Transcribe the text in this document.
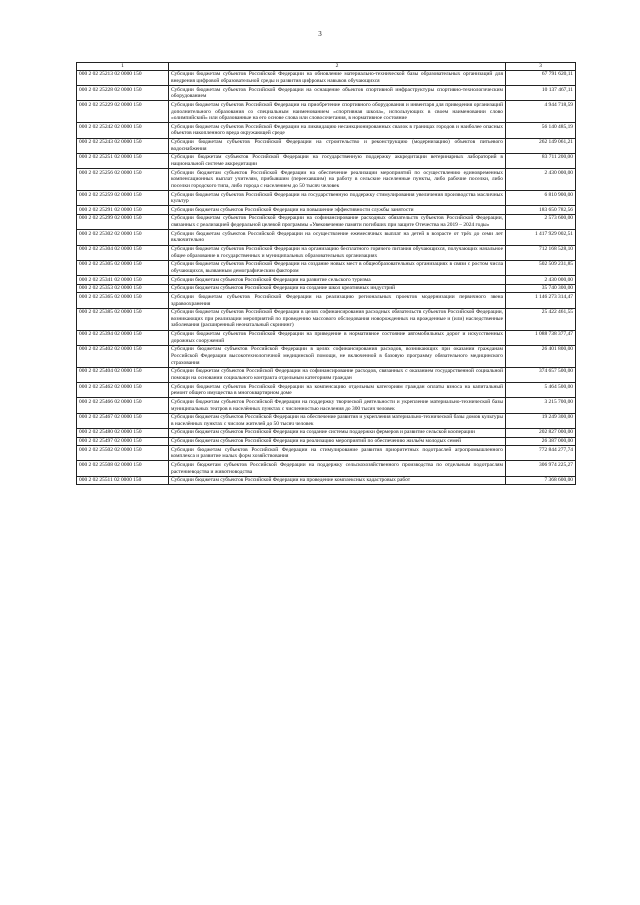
3
1	2	3
000 2 02 25213 02 0000 150	Субсидии бюджетам субъектов Российской Федерации на обновление материально-технической базы образовательных организаций для внедрения цифровой образовательной среды и развития цифровых навыков обучающихся	67 791 620,11
000 2 02 25228 02 0000 150	Субсидии бюджетам субъектов Российской Федерации на оснащение объектов спортивной инфраструктуры спортивно-технологическим оборудованием	10 137 467,11
000 2 02 25229 02 0000 150	Субсидии бюджетам субъектов Российской Федерации на приобретение спортивного оборудования и инвентаря для приведения организаций дополнительного образования со специальным наименованием «спортивная школа», использующих в своем наименовании слово «олимпийский» или образованные на его основе слова или словосочетания, в нормативное состояние	4 944 718,59
000 2 02 25242 02 0000 150	Субсидии бюджетам субъектов Российской Федерации на ликвидацию несанкционированных свалок в границах городов и наиболее опасных объектов накопленного вреда окружающей среде	56 140 485,19
000 2 02 25243 02 0000 150	Субсидии бюджетам субъектов Российской Федерации на строительство и реконструкцию (модернизацию) объектов питьевого водоснабжения	262 149 061,21
000 2 02 25251 02 0000 150	Субсидии бюджетам субъектов Российской Федерации на государственную поддержку аккредитации ветеринарных лабораторий в национальной системе аккредитации	83 711 200,00
000 2 02 25256 02 0000 150	Субсидии бюджетам субъектов Российской Федерации на обеспечение реализации мероприятий по осуществлению единовременных компенсационных выплат учителям, прибывшим (переехавшим) на работу в сельские населенные пункты, либо рабочие поселки, либо поселки городского типа, либо города с населением до 50 тысяч человек	2 430 000,00
000 2 02 25259 02 0000 150	Субсидии бюджетам субъектов Российской Федерации на государственную поддержку стимулирования увеличения производства масличных культур	6 810 900,00
000 2 02 25291 02 0000 150	Субсидии бюджетам субъектов Российской Федерации на повышение эффективности службы занятости	183 650 782,56
000 2 02 25299 02 0000 150	Субсидии бюджетам субъектов Российской Федерации на софинансирование расходных обязательств субъектов Российской Федерации, связанных с реализацией федеральной целевой программы «Увековечение памяти погибших при защите Отечества на 2019 – 2024 годы»	2 573 600,00
000 2 02 25302 02 0000 150	Субсидии бюджетам субъектов Российской Федерации на осуществление ежемесячных выплат на детей в возрасте от трёх до семи лет включительно	1 417 929 002,51
000 2 02 25304 02 0000 150	Субсидии бюджетам субъектов Российской Федерации на организацию бесплатного горячего питания обучающихся, получающих начальное общее образование в государственных и муниципальных образовательных организациях	712 168 528,10
000 2 02 25305 02 0000 150	Субсидии бюджетам субъектов Российской Федерации на создание новых мест в общеобразовательных организациях в связи с ростом числа обучающихся, вызванным демографическим фактором	502 509 231,85
000 2 02 25341 02 0000 150	Субсидии бюджетам субъектов Российской Федерации на развитие сельского туризма	2 430 000,00
000 2 02 25353 02 0000 150	Субсидии бюджетам субъектов Российской Федерации на создание школ креативных индустрий	35 740 300,00
000 2 02 25365 02 0000 150	Субсидии бюджетам субъектов Российской Федерации на реализацию региональных проектов модернизации первичного звена здравоохранения	1 146 273 314,47
000 2 02 25385 02 0000 150	Субсидии бюджетам субъектов Российской Федерации в целях софинансирования расходных обязательств субъектов Российской Федерации, возникающих при реализации мероприятий по проведению массового обследования новорожденных на врожденные и (или) наследственные заболевания (расширенный неонатальный скрининг)	25 422 461,55
000 2 02 25394 02 0000 150	Субсидии бюджетам субъектов Российской Федерации на приведение в нормативное состояние автомобильных дорог и искусственных дорожных сооружений	1 088 738 377,47
000 2 02 25402 02 0000 150	Субсидии бюджетам субъектов Российской Федерации в целях софинансирования расходов, возникающих при оказании гражданам Российской Федерации высокотехнологичной медицинской помощи, не включенной в базовую программу обязательного медицинского страхования	26 401 800,00
000 2 02 25404 02 0000 150	Субсидии бюджетам субъектов Российской Федерации на софинансирование расходов, связанных с оказанием государственной социальной помощи на основании социального контракта отдельным категориям граждан	374 657 500,00
000 2 02 25462 02 0000 150	Субсидии бюджетам субъектов Российской Федерации на компенсацию отдельным категориям граждан оплаты взноса на капитальный ремонт общего имущества в многоквартирном доме	5 464 500,00
000 2 02 25466 02 0000 150	Субсидии бюджетам субъектов Российской Федерации на поддержку творческой деятельности и укрепление материально-технической базы муниципальных театров в населённых пунктах с численностью населения до 300 тысяч человек	3 215 700,00
000 2 02 25467 02 0000 150	Субсидии бюджетам субъектов Российской Федерации на обеспечение развития и укрепления материально-технической базы домов культуры в населённых пунктах с числом жителей до 50 тысяч человек	19 249 300,00
000 2 02 25480 02 0000 150	Субсидии бюджетам субъектов Российской Федерации на создание системы поддержки фермеров и развитие сельской кооперации	202 827 000,00
000 2 02 25497 02 0000 150	Субсидии бюджетам субъектов Российской Федерации на реализацию мероприятий по обеспечению жильём молодых семей	26 387 000,00
000 2 02 25502 02 0000 150	Субсидии бюджетам субъектов Российской Федерации на стимулирование развития приоритетных подотраслей агропромышленного комплекса и развитие малых форм хозяйствования	772 844 277,74
000 2 02 25508 02 0000 150	Субсидии бюджетам субъектов Российской Федерации на поддержку сельскохозяйственного производства по отдельным подотраслям растениеводства и животноводства	306 974 225,27
000 2 02 25511 02 0000 150	Субсидии бюджетам субъектов Российской Федерации на проведение комплексных кадастровых работ	7 368 600,00
